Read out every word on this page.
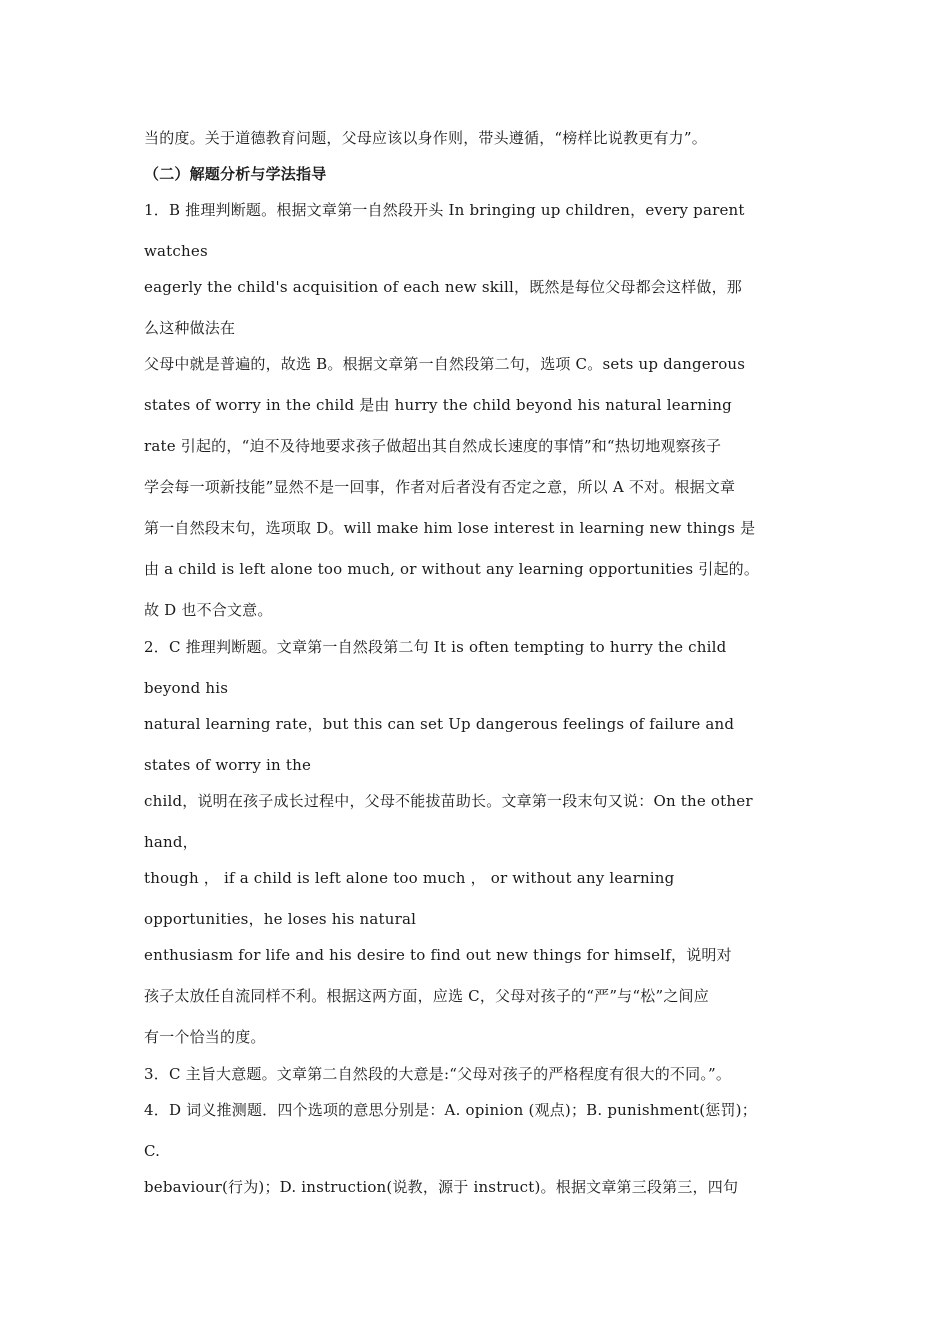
当的度。关于道德教育问题，父母应该以身作则，带头遵循，“榜样比说教更有力”。
（二）解题分析与学法指导
1．B 推理判断题。根据文章第一自然段开头 In bringing up children，every parent
watches
eagerly the child's acquisition of each new skill，既然是每位父母都会这样做，那
么这种做法在
父母中就是普遍的，故选 B。根据文章第一自然段第二句，选项 C。sets up dangerous
states of worry in the child 是由 hurry the child beyond his natural learning
rate 引起的，“迫不及待地要求孩子做超出其自然成长速度的事情”和“热切地观察孩子
学会每一项新技能”显然不是一回事，作者对后者没有否定之意，所以 A 不对。根据文章
第一自然段末句，选项取 D。will make him lose interest in learning new things 是
由 a child is left alone too much, or without any learning opportunities 引起的。
故 D 也不合文意。
2．C 推理判断题。文章第一自然段第二句 It is often tempting to hurry the child
beyond his
natural learning rate，but this can set Up dangerous feelings of failure and
states of worry in the
child，说明在孩子成长过程中，父母不能拔苗助长。文章第一段末句又说：On the other
hand，
though ， if a child is left alone too much ， or without any learning
opportunities，he loses his natural
enthusiasm for life and his desire to find out new things for himself，说明对
孩子太放任自流同样不利。根据这两方面，应选 C，父母对孩子的“严”与“松”之间应
有一个恰当的度。
3．C 主旨大意题。文章第二自然段的大意是:“父母对孩子的严格程度有很大的不同。”。
4．D 词义推测题．四个选项的意思分别是：A. opinion (观点)；B. punishment(惩罚)；
C.
bebaviour(行为)；D. instruction(说教，源于 instruct)。根据文章第三段第三，四句
